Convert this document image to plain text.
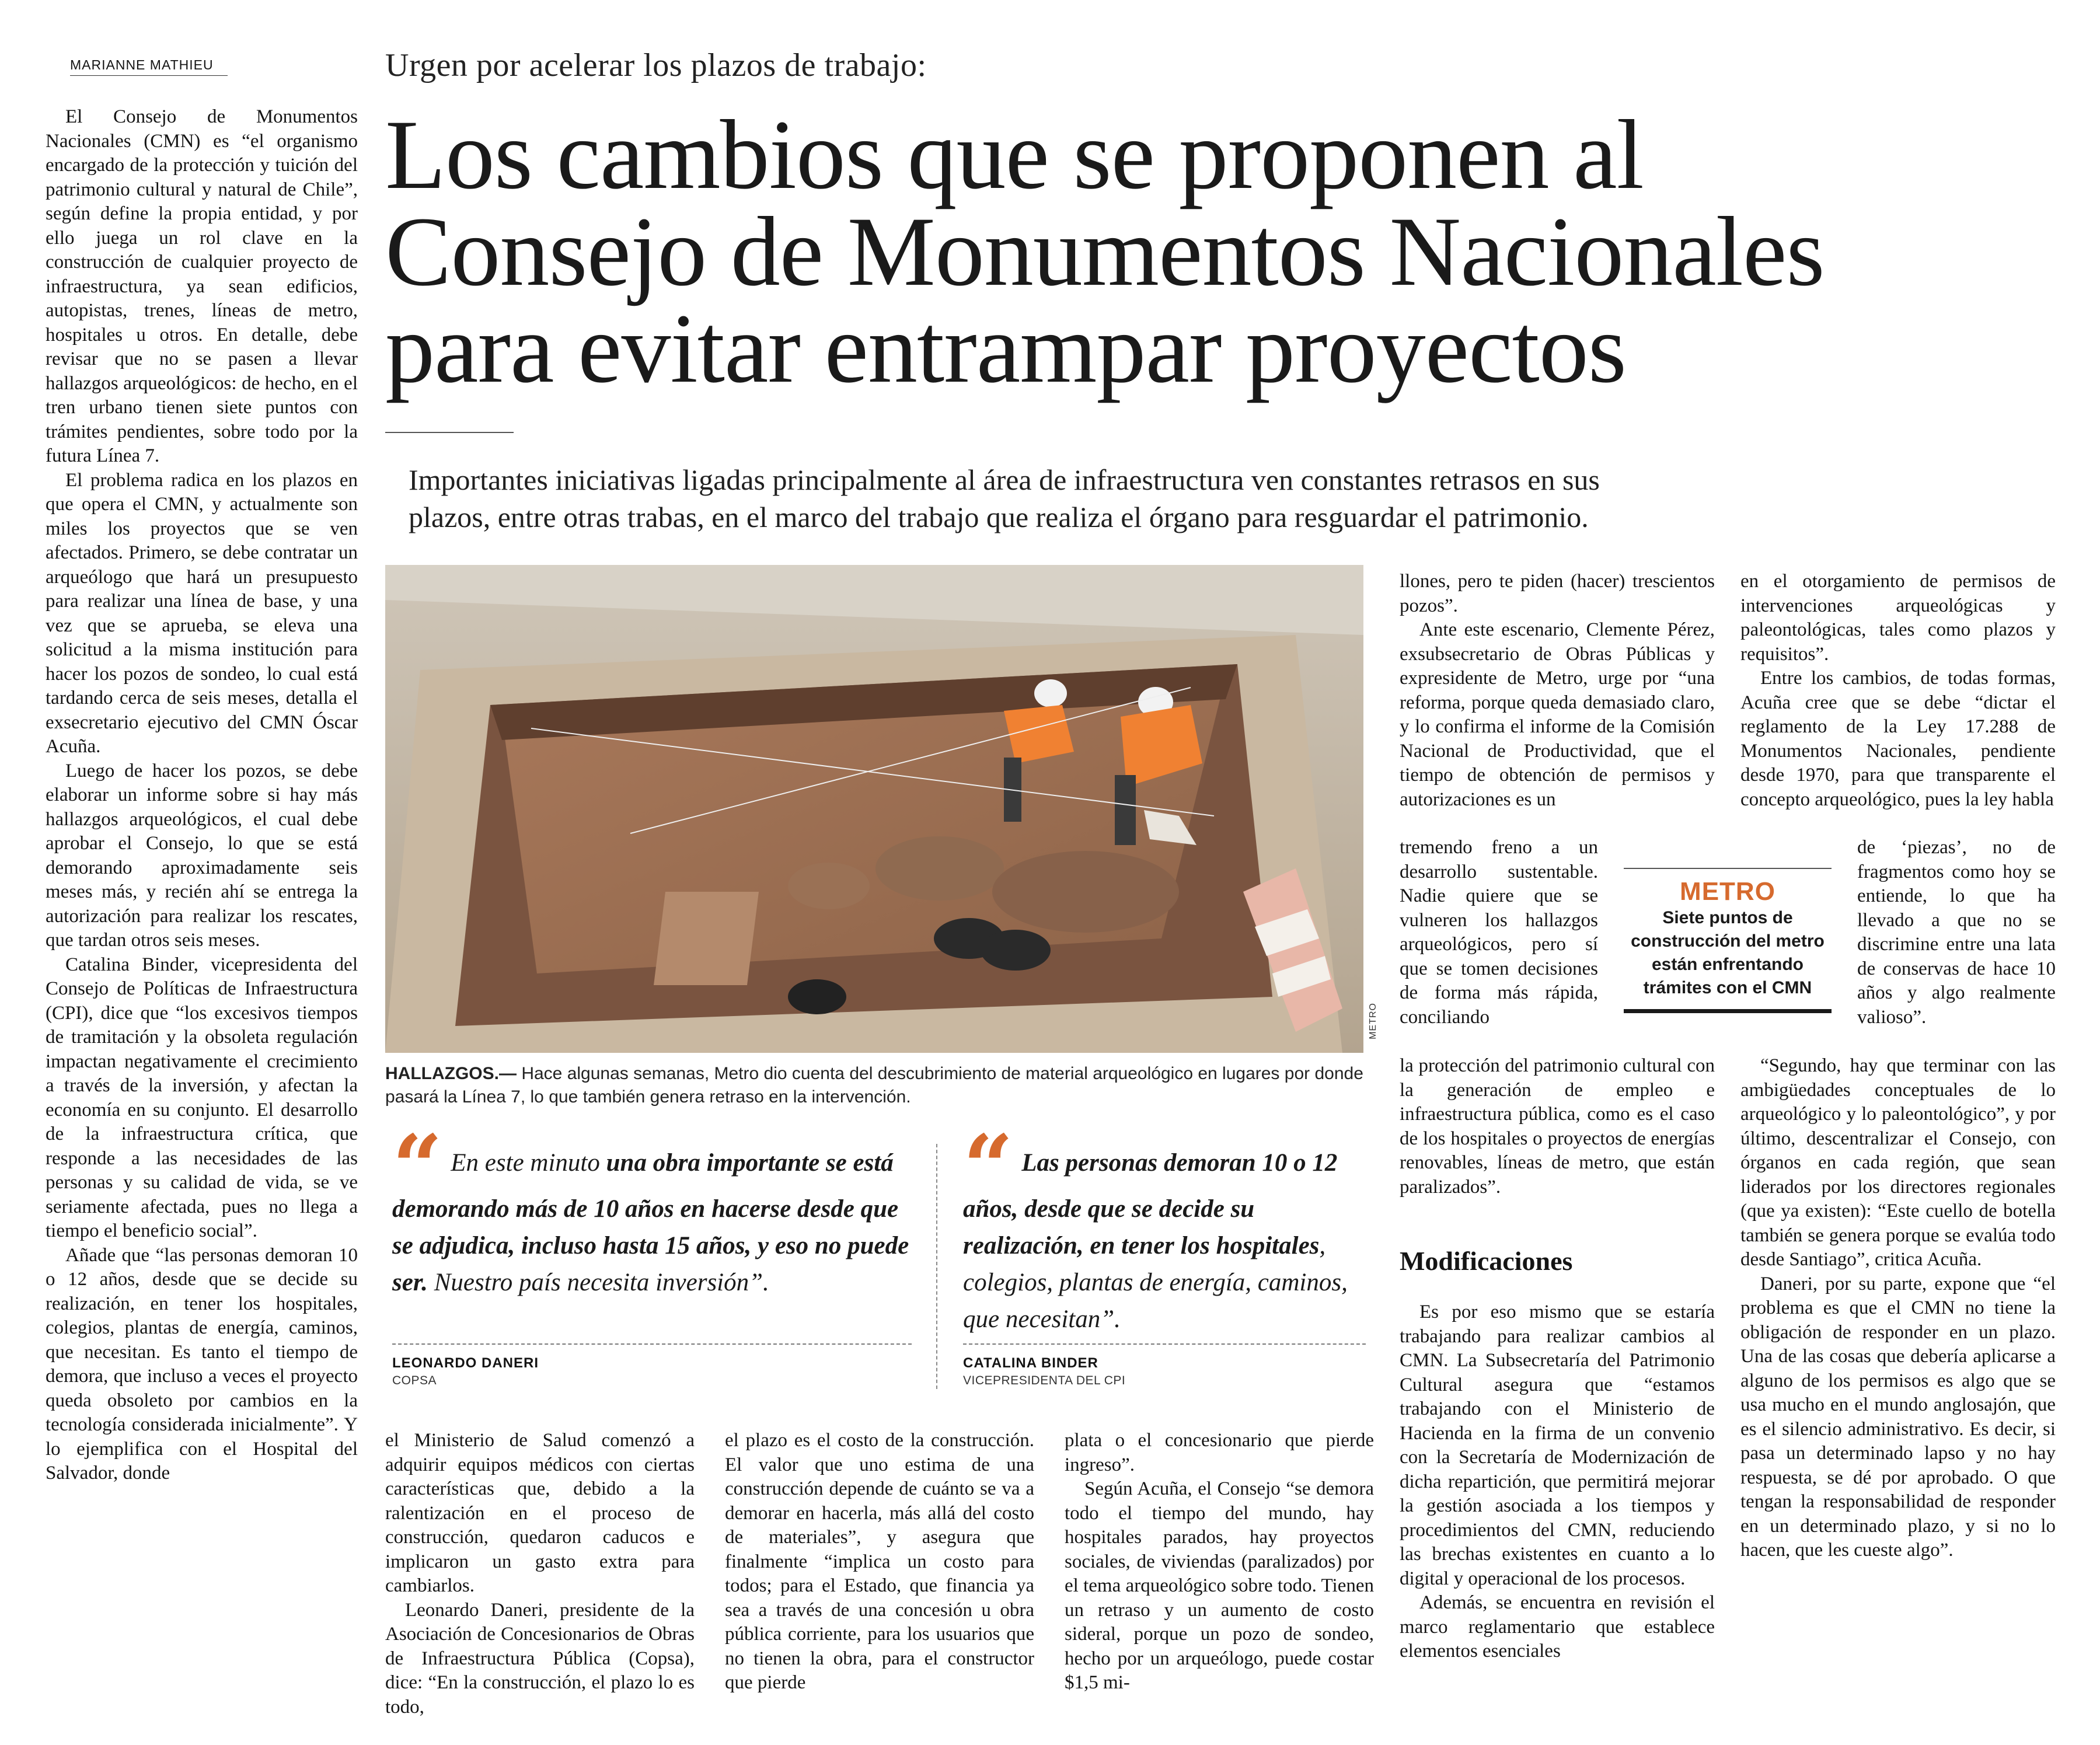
MARIANNE MATHIEU	Urgen por acelerar los plazos de trabajo:
Los cambios que se proponen al
Consejo de Monumentos Nacionales
para evitar entrampar proyectos
Importantes iniciativas ligadas principalmente al área de infraestructura ven constantes retrasos en sus
plazos, entre otras trabas, en el marco del trabajo que realiza el órgano para resguardar el patrimonio.

El Consejo de Monumentos Nacionales (CMN) es “el organismo encargado de la protección y tuición del patrimonio cultural y natural de Chile”, según define la propia entidad, y por ello juega un rol clave en la construcción de cualquier proyecto de infraestructura, ya sean edificios, autopistas, trenes, líneas de metro, hospitales u otros. En detalle, debe revisar que no se pasen a llevar hallazgos arqueológicos: de hecho, en el tren urbano tienen siete puntos con trámites pendientes, sobre todo por la futura Línea 7.

El problema radica en los plazos en que opera el CMN, y actualmente son miles los proyectos que se ven afectados. Primero, se debe contratar un arqueólogo que hará un presupuesto para realizar una línea de base, y una vez que se aprueba, se eleva una solicitud a la misma institución para hacer los pozos de sondeo, lo cual está tardando cerca de seis meses, detalla el exsecretario ejecutivo del CMN Óscar Acuña.

Luego de hacer los pozos, se debe elaborar un informe sobre si hay más hallazgos arqueológicos, el cual debe aprobar el Consejo, lo que se está demorando aproximadamente seis meses más, y recién ahí se entrega la autorización para realizar los rescates, que tardan otros seis meses.

Catalina Binder, vicepresidenta del Consejo de Políticas de Infraestructura (CPI), dice que “los excesivos tiempos de tramitación y la obsoleta regulación impactan negativamente el crecimiento a través de la inversión, y afectan la economía en su conjunto. El desarrollo de la infraestructura crítica, que responde a las necesidades de las personas y su calidad de vida, se ve seriamente afectada, pues no llega a tiempo el beneficio social”.

Añade que “las personas demoran 10 o 12 años, desde que se decide su realización, en tener los hospitales, colegios, plantas de energía, caminos, que necesitan. Es tanto el tiempo de demora, que incluso a veces el proyecto queda obsoleto por cambios en la tecnología considerada inicialmente”. Y lo ejemplifica con el Hospital del Salvador, donde

METRO
HALLAZGOS.— Hace algunas semanas, Metro dio cuenta del descubrimiento de material arqueológico en lugares por donde pasará la Línea 7, lo que también genera retraso en la intervención.
“ En este minuto una obra importante se está demorando más de 10 años en hacerse desde que se adjudica, incluso hasta 15 años, y eso no puede ser. Nuestro país necesita inversión”.
LEONARDO DANERI
COPSA
“ Las personas demoran 10 o 12 años, desde que se decide su realización, en tener los hospitales, colegios, plantas de energía, caminos, que necesitan”.
CATALINA BINDER
VICEPRESIDENTA DEL CPI

el Ministerio de Salud comenzó a adquirir equipos médicos con ciertas características que, debido a la ralentización en el proceso de construcción, quedaron caducos e implicaron un gasto extra para cambiarlos.

Leonardo Daneri, presidente de la Asociación de Concesionarios de Obras de Infraestructura Pública (Copsa), dice: “En la construcción, el plazo lo es todo,

el plazo es el costo de la construcción. El valor que uno estima de una construcción depende de cuánto se va a demorar en hacerla, más allá del costo de materiales”, y asegura que finalmente “implica un costo para todos; para el Estado, que financia ya sea a través de una concesión u obra pública corriente, para los usuarios que no tienen la obra, para el constructor que pierde

plata o el concesionario que pierde ingreso”.

Según Acuña, el Consejo “se demora todo el tiempo del mundo, hay hospitales parados, hay proyectos sociales, de viviendas (paralizados) por el tema arqueológico sobre todo. Tienen un retraso y un aumento de costo sideral, porque un pozo de sondeo, hecho por un arqueólogo, puede costar $1,5 mi-

llones, pero te piden (hacer) trescientos pozos”.

Ante este escenario, Clemente Pérez, exsubsecretario de Obras Públicas y expresidente de Metro, urge por “una reforma, porque queda demasiado claro, y lo confirma el informe de la Comisión Nacional de Productividad, que el tiempo de obtención de permisos y autorizaciones es un

tremendo freno a un desarrollo sustentable. Nadie quiere que se vulneren los hallazgos arqueológicos, pero sí que se tomen decisiones de forma más rápida, conciliando

la protección del patrimonio cultural con la generación de empleo e infraestructura pública, como es el caso de los hospitales o proyectos de energías renovables, líneas de metro, que están paralizados”.

Modificaciones

Es por eso mismo que se estaría trabajando para realizar cambios al CMN. La Subsecretaría del Patrimonio Cultural asegura que “estamos trabajando con el Ministerio de Hacienda en la firma de un convenio con la Secretaría de Modernización de dicha repartición, que permitirá mejorar la gestión asociada a los tiempos y procedimientos del CMN, reduciendo las brechas existentes en cuanto a lo digital y operacional de los procesos.

Además, se encuentra en revisión el marco reglamentario que establece elementos esenciales

METRO
Siete puntos de construcción del metro están enfrentando trámites con el CMN

en el otorgamiento de permisos de intervenciones arqueológicas y paleontológicas, tales como plazos y requisitos”.

Entre los cambios, de todas formas, Acuña cree que se debe “dictar el reglamento de la Ley 17.288 de Monumentos Nacionales, pendiente desde 1970, para que transparente el concepto arqueológico, pues la ley habla

de ‘piezas’, no de fragmentos como hoy se entiende, lo que ha llevado a que no se discrimine entre una lata de conservas de hace 10 años y algo realmente valioso”.

“Segundo, hay que terminar con las ambigüedades conceptuales de lo arqueológico y lo paleontológico”, y por último, descentralizar el Consejo, con órganos en cada región, que sean liderados por los directores regionales (que ya existen): “Este cuello de botella también se genera porque se evalúa todo desde Santiago”, critica Acuña.

Daneri, por su parte, expone que “el problema es que el CMN no tiene la obligación de responder en un plazo. Una de las cosas que debería aplicarse a alguno de los permisos es algo que se usa mucho en el mundo anglosajón, que es el silencio administrativo. Es decir, si pasa un determinado lapso y no hay respuesta, se dé por aprobado. O que tengan la responsabilidad de responder en un determinado plazo, y si no lo hacen, que les cueste algo”.
